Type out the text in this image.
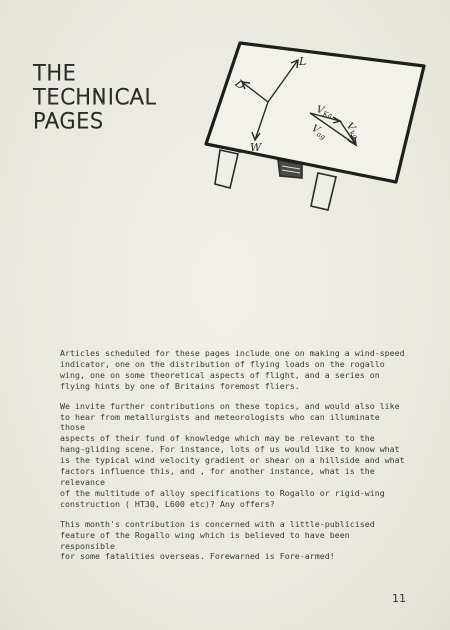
THE
TECHNICAL
PAGES
L
D
W
$V_{Ka}$
$V_{kg}$
$V_{ag}$

Articles scheduled for these pages include one on making a wind-speed
indicator, one on the distribution of flying loads on the rogallo
wing, one on some theoretical aspects of flight, and a series on
flying hints by one of Britains foremost fliers.

We invite further contributions on these topics, and would also like
to hear from metallurgists and meteorologists who can illuminate those
aspects of their fund of knowledge which may be relevant to the
hang-gliding scene. For instance, lots of us would like to know what
is the typical wind velocity gradient or shear on a hillside and what
factors influence this, and , for another instance, what is the relevance
of the multitude of alloy specifications to Rogallo or rigid-wing
construction ( HT30, L600 etc)? Any offers?

This month's contribution is concerned with a little-publicised
feature of the Rogallo wing which is believed to have been responsible
for some fatalities overseas. Forewarned is Fore-armed!

11
